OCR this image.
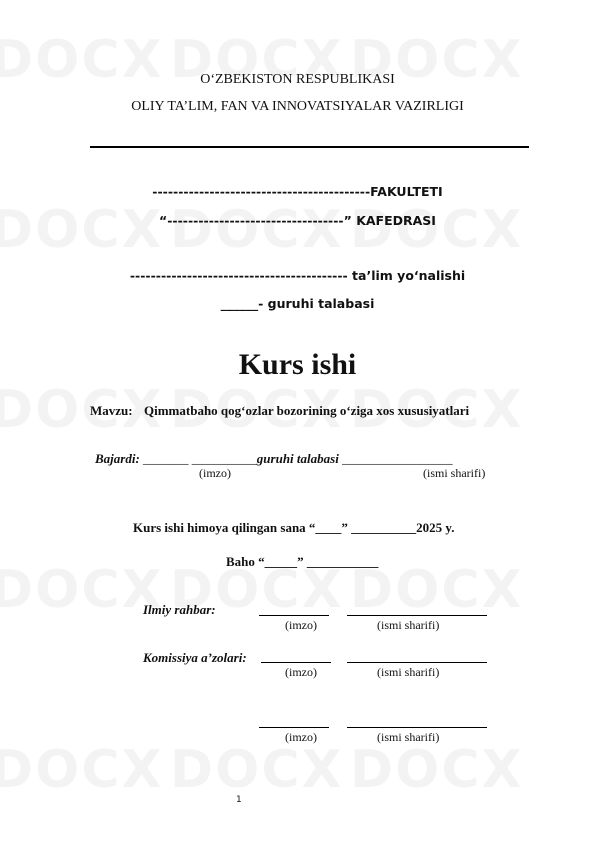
O‘ZBEKISTON RESPUBLIKASI
OLIY TA’LIM, FAN VA INNOVATSIYALAR VAZIRLIGI
------------------------------------------FAKULTETI
“----------------------------------” KAFEDRASI
------------------------------------------ ta’lim yo‘nalishi
______- guruhi talabasi
Kurs ishi
Mavzu: Qimmatbaho qog‘ozlar bozorining o‘ziga xos xususiyatlari
Bajardi: _______ __________guruhi talabasi _________________
(imzo)	(ismi sharifi)
Kurs ishi himoya qilingan sana “____” __________2025 y.
Baho “_____” ___________
Ilmiy rahbar:
(imzo)	(ismi sharifi)
Komissiya a’zolari:
(imzo)	(ismi sharifi)
(imzo)	(ismi sharifi)
1
